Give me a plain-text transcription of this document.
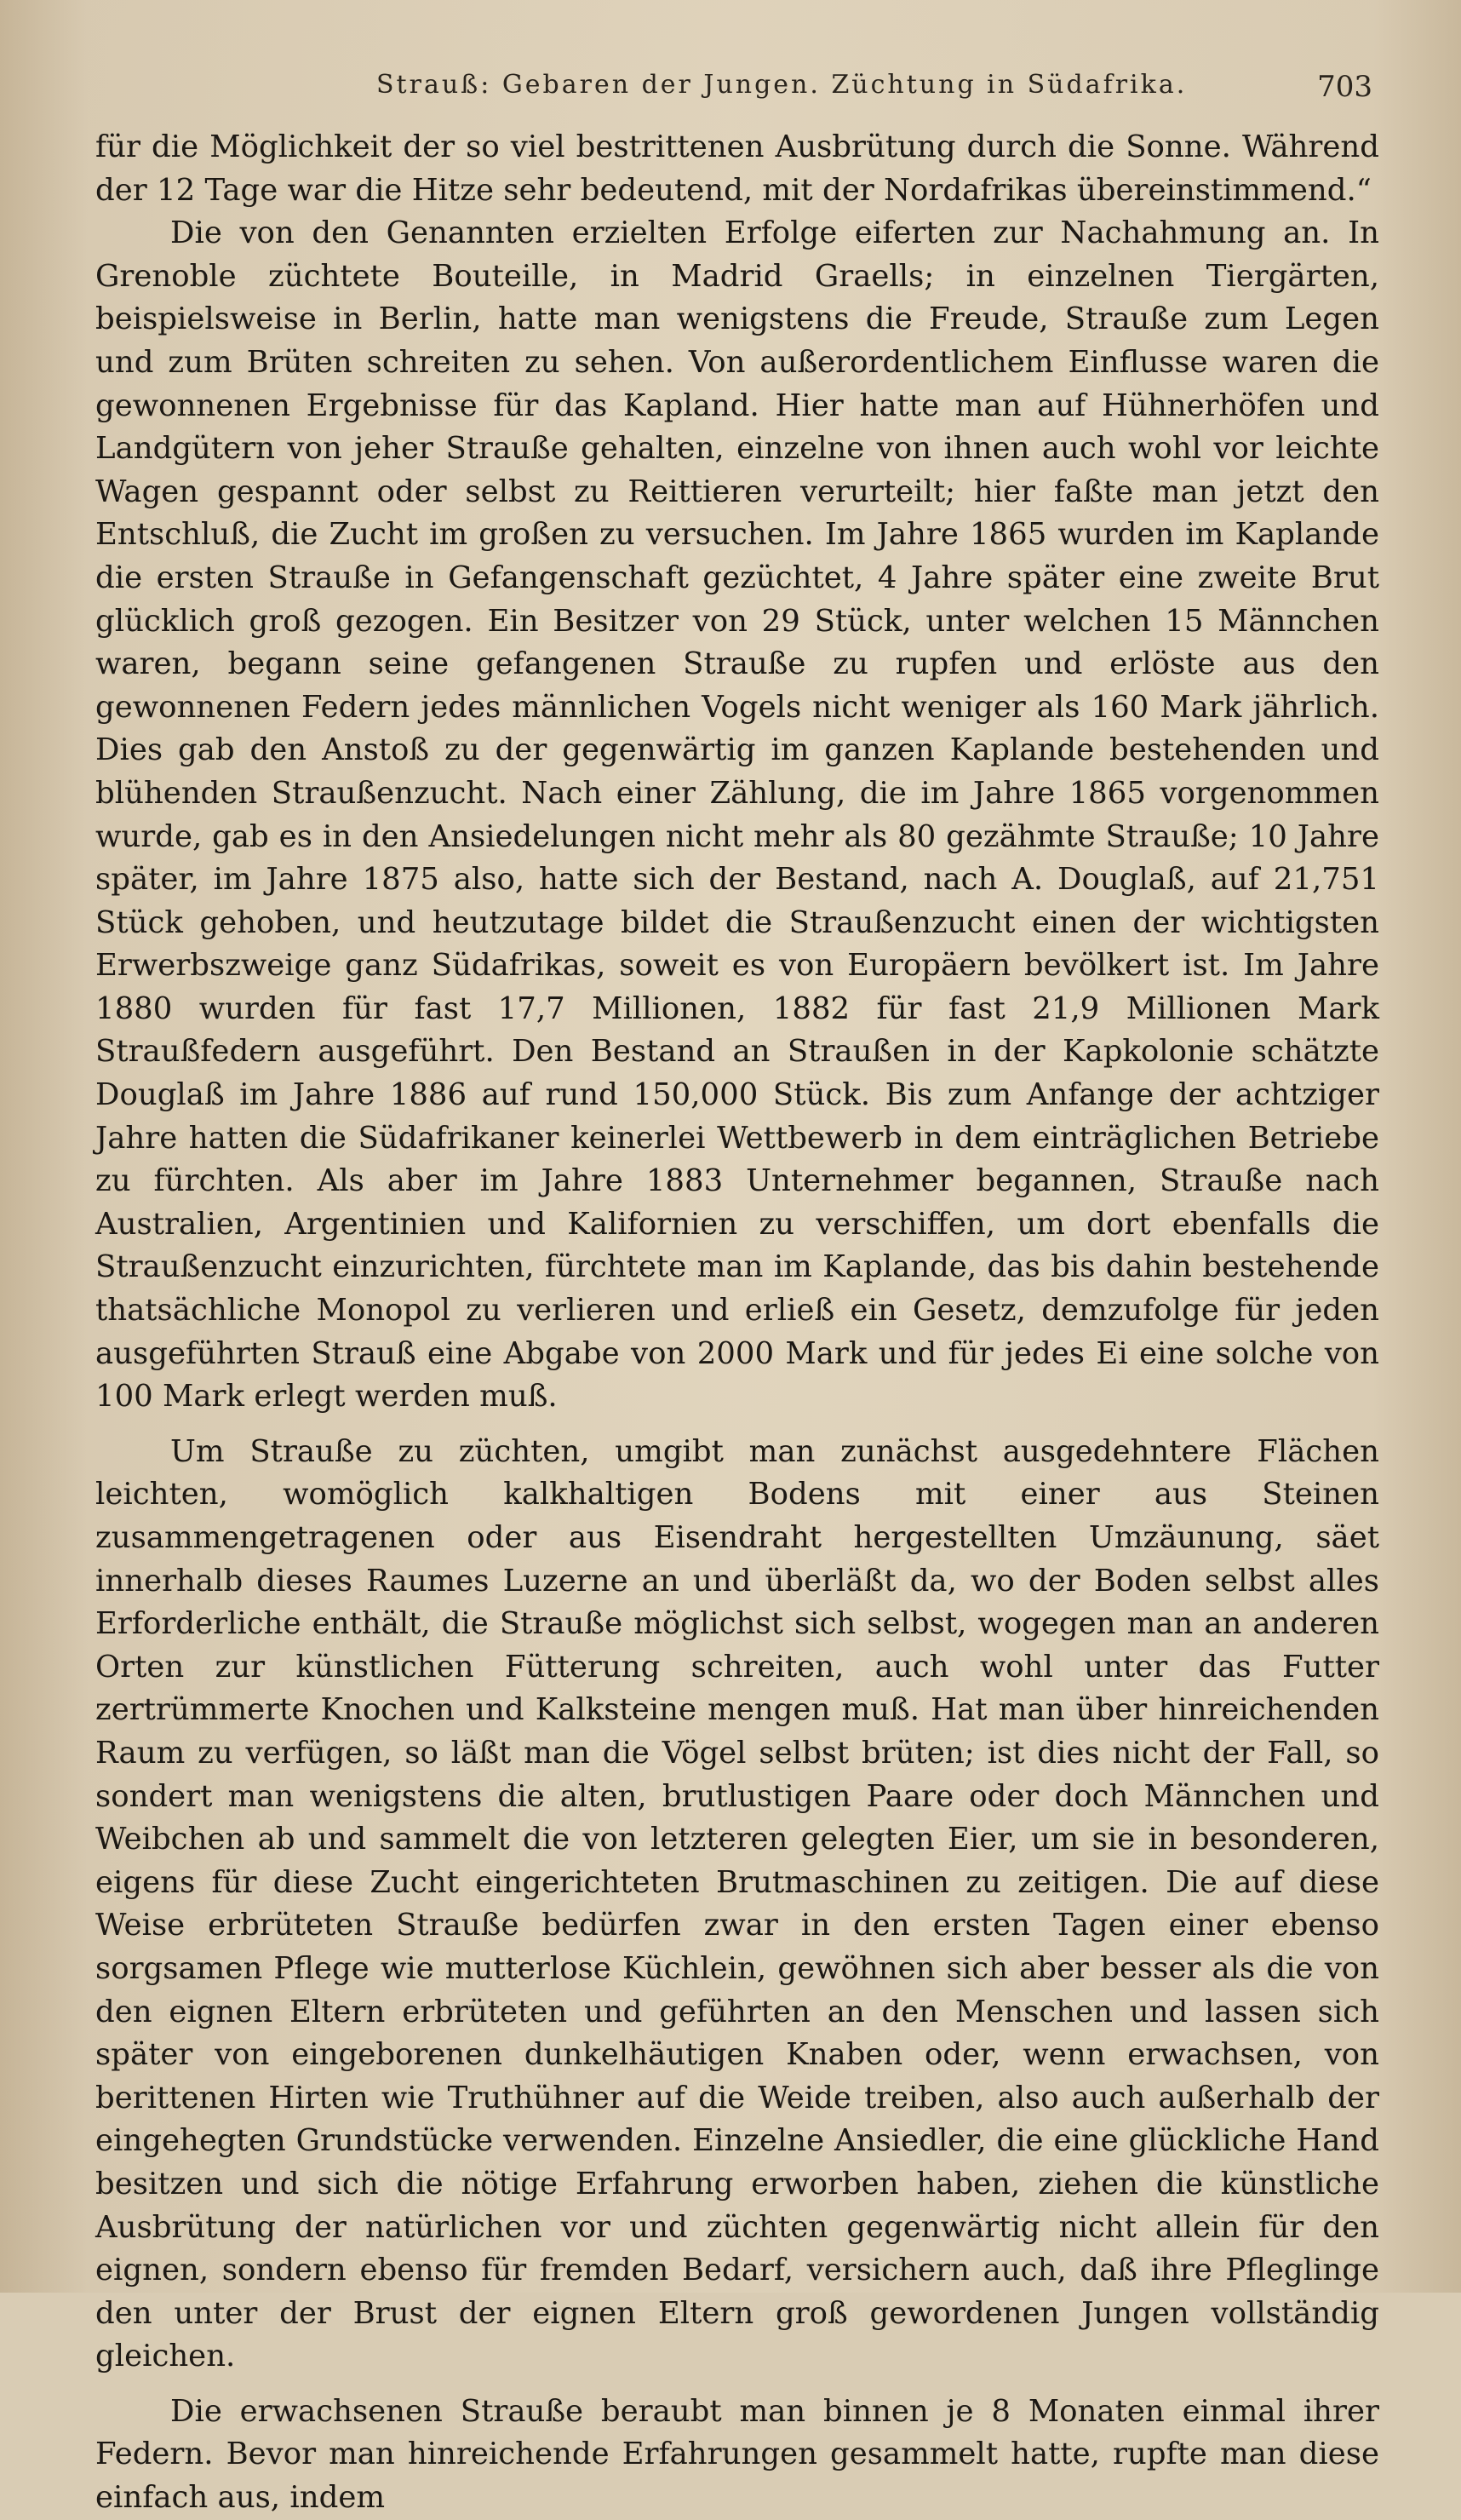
Strauß: Gebaren der Jungen. Züchtung in Südafrika.	703

für die Möglichkeit der so viel bestrittenen Ausbrütung durch die Sonne. Während der 12 Tage war die Hitze sehr bedeutend, mit der Nordafrikas übereinstimmend.“

Die von den Genannten erzielten Erfolge eiferten zur Nachahmung an. In Grenoble züchtete Bouteille, in Madrid Graells; in einzelnen Tiergärten, beispielsweise in Berlin, hatte man wenigstens die Freude, Strauße zum Legen und zum Brüten schreiten zu sehen. Von außerordentlichem Einflusse waren die gewonnenen Ergebnisse für das Kapland. Hier hatte man auf Hühnerhöfen und Landgütern von jeher Strauße gehalten, einzelne von ihnen auch wohl vor leichte Wagen gespannt oder selbst zu Reittieren verurteilt; hier faßte man jetzt den Entschluß, die Zucht im großen zu versuchen. Im Jahre 1865 wurden im Kaplande die ersten Strauße in Gefangenschaft gezüchtet, 4 Jahre später eine zweite Brut glücklich groß gezogen. Ein Besitzer von 29 Stück, unter welchen 15 Männchen waren, begann seine gefangenen Strauße zu rupfen und erlöste aus den gewonnenen Federn jedes männlichen Vogels nicht weniger als 160 Mark jährlich. Dies gab den Anstoß zu der gegenwärtig im ganzen Kaplande bestehenden und blühenden Straußenzucht. Nach einer Zählung, die im Jahre 1865 vorgenommen wurde, gab es in den Ansiedelungen nicht mehr als 80 gezähmte Strauße; 10 Jahre später, im Jahre 1875 also, hatte sich der Bestand, nach A. Douglaß, auf 21,751 Stück gehoben, und heutzutage bildet die Straußenzucht einen der wichtigsten Erwerbszweige ganz Südafrikas, soweit es von Europäern bevölkert ist. Im Jahre 1880 wurden für fast 17,7 Millionen, 1882 für fast 21,9 Millionen Mark Straußfedern ausgeführt. Den Bestand an Straußen in der Kapkolonie schätzte Douglaß im Jahre 1886 auf rund 150,000 Stück. Bis zum Anfange der achtziger Jahre hatten die Südafrikaner keinerlei Wettbewerb in dem einträglichen Betriebe zu fürchten. Als aber im Jahre 1883 Unternehmer begannen, Strauße nach Australien, Argentinien und Kalifornien zu verschiffen, um dort ebenfalls die Straußenzucht einzurichten, fürchtete man im Kaplande, das bis dahin bestehende thatsächliche Monopol zu verlieren und erließ ein Gesetz, demzufolge für jeden ausgeführten Strauß eine Abgabe von 2000 Mark und für jedes Ei eine solche von 100 Mark erlegt werden muß.

Um Strauße zu züchten, umgibt man zunächst ausgedehntere Flächen leichten, womöglich kalkhaltigen Bodens mit einer aus Steinen zusammengetragenen oder aus Eisendraht hergestellten Umzäunung, säet innerhalb dieses Raumes Luzerne an und überläßt da, wo der Boden selbst alles Erforderliche enthält, die Strauße möglichst sich selbst, wogegen man an anderen Orten zur künstlichen Fütterung schreiten, auch wohl unter das Futter zertrümmerte Knochen und Kalksteine mengen muß. Hat man über hinreichenden Raum zu verfügen, so läßt man die Vögel selbst brüten; ist dies nicht der Fall, so sondert man wenigstens die alten, brutlustigen Paare oder doch Männchen und Weibchen ab und sammelt die von letzteren gelegten Eier, um sie in besonderen, eigens für diese Zucht eingerichteten Brutmaschinen zu zeitigen. Die auf diese Weise erbrüteten Strauße bedürfen zwar in den ersten Tagen einer ebenso sorgsamen Pflege wie mutterlose Küchlein, gewöhnen sich aber besser als die von den eignen Eltern erbrüteten und geführten an den Menschen und lassen sich später von eingeborenen dunkelhäutigen Knaben oder, wenn erwachsen, von berittenen Hirten wie Truthühner auf die Weide treiben, also auch außerhalb der eingehegten Grundstücke verwenden. Einzelne Ansiedler, die eine glückliche Hand besitzen und sich die nötige Erfahrung erworben haben, ziehen die künstliche Ausbrütung der natürlichen vor und züchten gegenwärtig nicht allein für den eignen, sondern ebenso für fremden Bedarf, versichern auch, daß ihre Pfleglinge den unter der Brust der eignen Eltern groß gewordenen Jungen vollständig gleichen.

Die erwachsenen Strauße beraubt man binnen je 8 Monaten einmal ihrer Federn. Bevor man hinreichende Erfahrungen gesammelt hatte, rupfte man diese einfach aus, indem
